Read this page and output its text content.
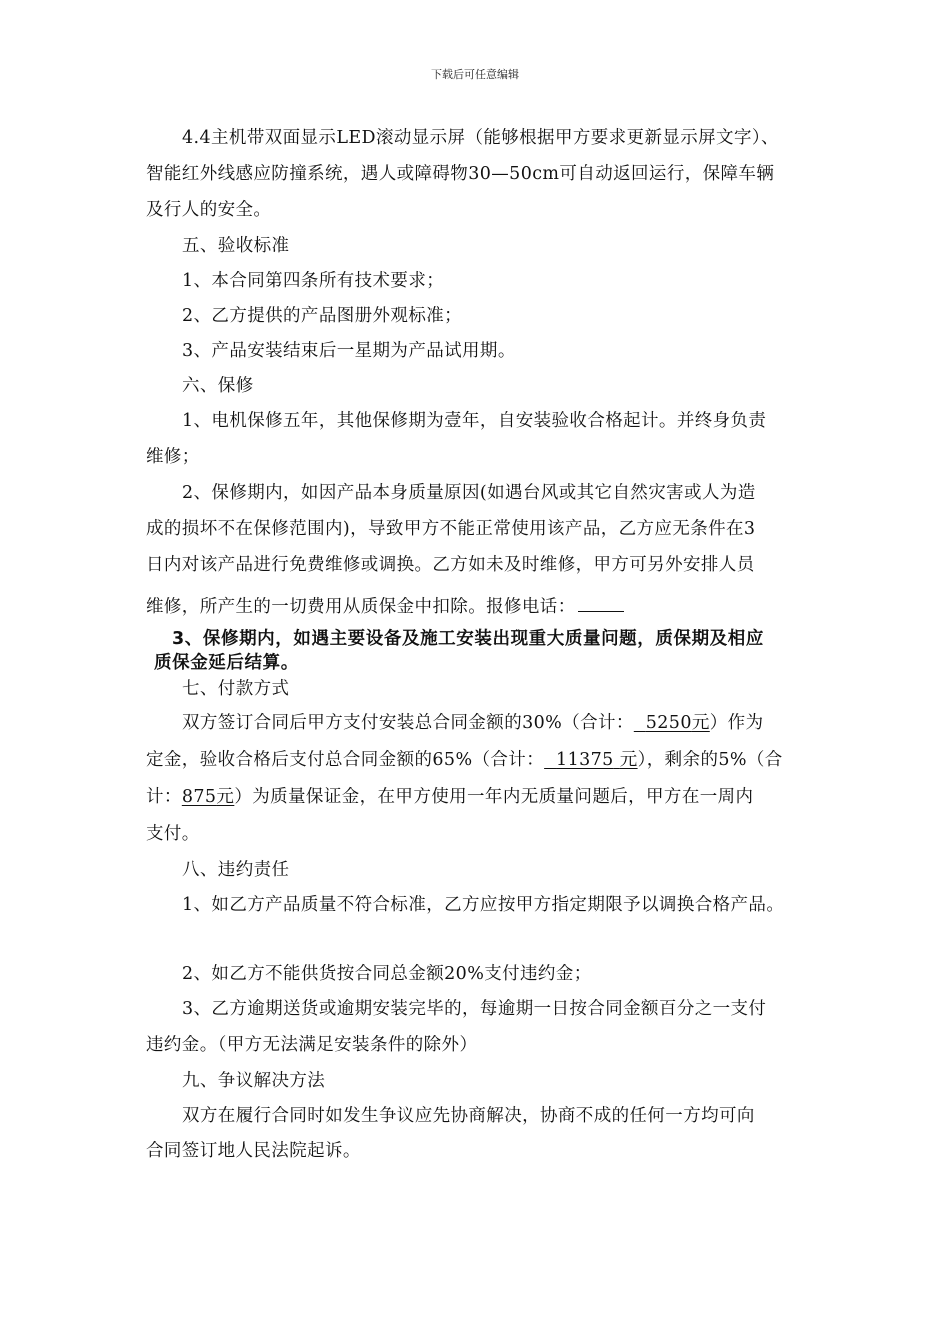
下载后可任意编辑
4.4主机带双面显示LED滚动显示屏（能够根据甲方要求更新显示屏文字）、
智能红外线感应防撞系统，遇人或障碍物30—50cm可自动返回运行，保障车辆
及行人的安全。
五、验收标准
1、本合同第四条所有技术要求；
2、乙方提供的产品图册外观标准；
3、产品安装结束后一星期为产品试用期。
六、保修
1、电机保修五年，其他保修期为壹年，自安装验收合格起计。并终身负责
维修；
2、保修期内，如因产品本身质量原因(如遇台风或其它自然灾害或人为造
成的损坏不在保修范围内)，导致甲方不能正常使用该产品，乙方应无条件在3
日内对该产品进行免费维修或调换。乙方如未及时维修，甲方可另外安排人员
维修，所产生的一切费用从质保金中扣除。报修电话：
3、保修期内，如遇主要设备及施工安装出现重大质量问题，质保期及相应
质保金延后结算。
七、付款方式
双方签订合同后甲方支付安装总合同金额的30%（合计： 5250元）作为
定金，验收合格后支付总合同金额的65%（合计： 11375 元），剩余的5%（合
计：875元）为质量保证金，在甲方使用一年内无质量问题后，甲方在一周内
支付。
八、违约责任
1、如乙方产品质量不符合标准，乙方应按甲方指定期限予以调换合格产品。
2、如乙方不能供货按合同总金额20%支付违约金；
3、乙方逾期送货或逾期安装完毕的，每逾期一日按合同金额百分之一支付
违约金。（甲方无法满足安装条件的除外）
九、争议解决方法
双方在履行合同时如发生争议应先协商解决，协商不成的任何一方均可向
合同签订地人民法院起诉。
